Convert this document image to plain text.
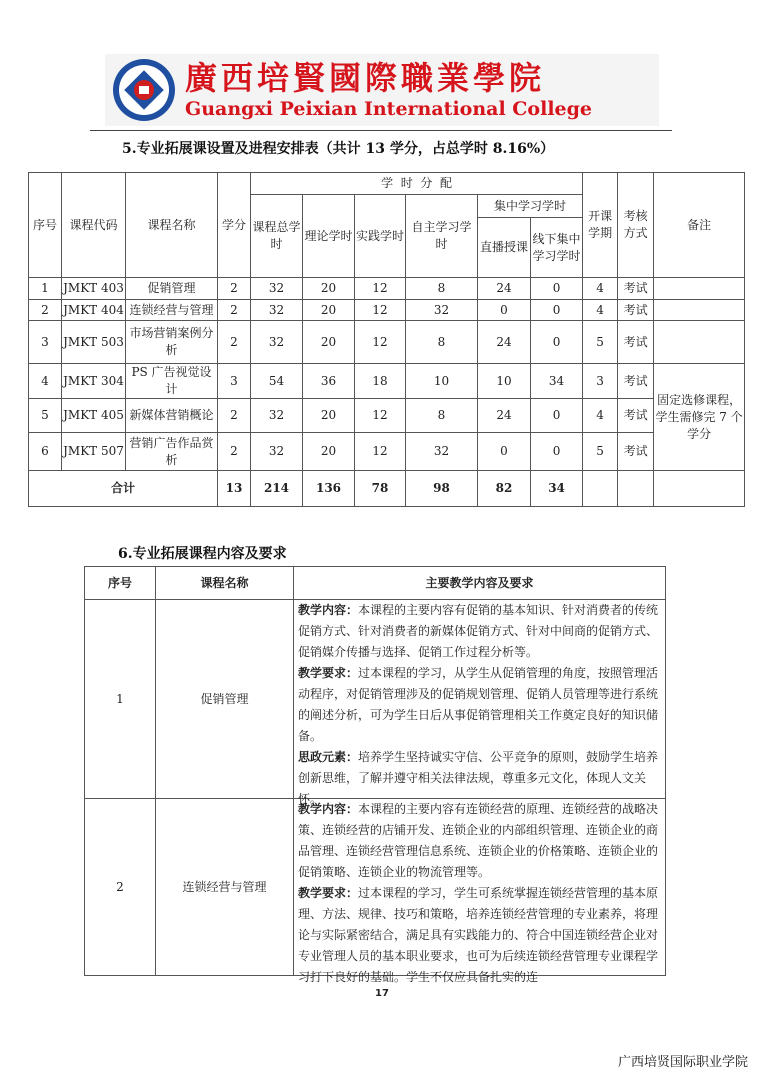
廣西培賢國際職業學院
Guangxi Peixian International College
5.专业拓展课设置及进程安排表（共计 13 学分，占总学时 8.16%）
序号	课程代码	课程名称	学分	学  时  分  配						开课学期	考核方式	备注
				课程总学时	理论学时	实践学时	自主学习学时	集中学习学时				
								直播授课	线下集中学习学时			
1	JMKT 403	促销管理	2	32	20	12	8	24	0	4	考试	
2	JMKT 404	连锁经营与管理	2	32	20	12	32	0	0	4	考试	
3	JMKT 503	市场营销案例分析	2	32	20	12	8	24	0	5	考试	
4	JMKT 304	PS 广告视觉设计	3	54	36	18	10	10	34	3	考试	固定选修课程，学生需修完 7 个学分
5	JMKT 405	新媒体营销概论	2	32	20	12	8	24	0	4	考试	
6	JMKT 507	营销广告作品赏析	2	32	20	12	32	0	0	5	考试	
合计			13	214	136	78	98	82	34			
6.专业拓展课程内容及要求
序号	课程名称	主要教学内容及要求
1	促销管理	教学内容：本课程的主要内容有促销的基本知识、针对消费者的传统促销方式、针对消费者的新媒体促销方式、针对中间商的促销方式、促销媒介传播与选择、促销工作过程分析等。
教学要求：过本课程的学习，从学生从促销管理的角度，按照管理活动程序，对促销管理涉及的促销规划管理、促销人员管理等进行系统的阐述分析，可为学生日后从事促销管理相关工作奠定良好的知识储备。
思政元素：培养学生坚持诚实守信、公平竞争的原则，鼓励学生培养创新思维，了解并遵守相关法律法规，尊重多元文化，体现人文关怀。

2	连锁经营与管理	教学内容：本课程的主要内容有连锁经营的原理、连锁经营的战略决策、连锁经营的店铺开发、连锁企业的内部组织管理、连锁企业的商品管理、连锁经营管理信息系统、连锁企业的价格策略、连锁企业的促销策略、连锁企业的物流管理等。
教学要求：过本课程的学习，学生可系统掌握连锁经营管理的基本原理、方法、规律、技巧和策略，培养连锁经营管理的专业素养，将理论与实际紧密结合，满足具有实践能力的、符合中国连锁经营企业对专业管理人员的基本职业要求，也可为后续连锁经营管理专业课程学习打下良好的基础。学生不仅应具备扎实的连
17
广西培贤国际职业学院
